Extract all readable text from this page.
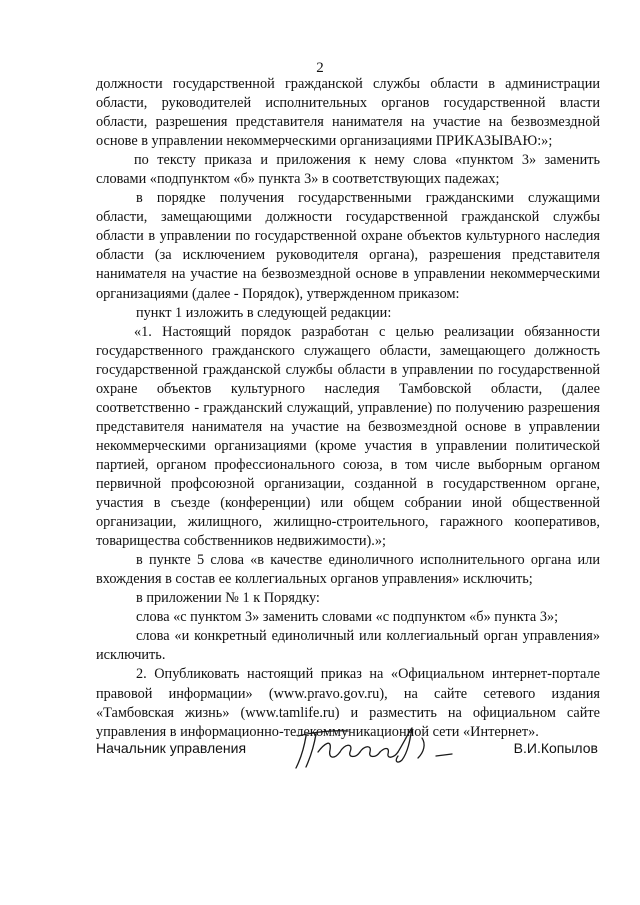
2

должности государственной гражданской службы области в администрации области, руководителей исполнительных органов государственной власти области, разрешения представителя нанимателя на участие на безвозмездной основе в управлении некоммерческими организациями ПРИКАЗЫВАЮ:»;

по тексту приказа и приложения к нему слова «пунктом 3» заменить словами «подпунктом «б» пункта 3» в соответствующих падежах;

в порядке получения государственными гражданскими служащими области, замещающими должности государственной гражданской службы области в управлении по государственной охране объектов культурного наследия области (за исключением руководителя органа), разрешения представителя нанимателя на участие на безвозмездной основе в управлении некоммерческими организациями (далее - Порядок), утвержденном приказом:

пункт 1 изложить в следующей редакции:

«1. Настоящий порядок разработан с целью реализации обязанности государственного гражданского служащего области, замещающего должность государственной гражданской службы области в управлении по государственной охране объектов культурного наследия Тамбовской области, (далее соответственно - гражданский служащий, управление) по получению разрешения представителя нанимателя на участие на безвозмездной основе в управлении некоммерческими организациями (кроме участия в управлении политической партией, органом профессионального союза, в том числе выборным органом первичной профсоюзной организации, созданной в государственном органе, участия в съезде (конференции) или общем собрании иной общественной организации, жилищного, жилищно-строительного, гаражного кооперативов, товарищества собственников недвижимости).»;

в пункте 5 слова «в качестве единоличного исполнительного органа или вхождения в состав ее коллегиальных органов управления» исключить;

в приложении № 1 к Порядку:

слова «с пунктом 3» заменить словами «с подпунктом «б» пункта 3»;

слова «и конкретный единоличный или коллегиальный орган управления» исключить.

2. Опубликовать настоящий приказ на «Официальном интернет-портале правовой информации» (www.pravo.gov.ru), на сайте сетевого издания «Тамбовская жизнь» (www.tamlife.ru) и разместить на официальном сайте управления в информационно-телекоммуникационной сети «Интернет».

Начальник управления	В.И.Копылов
